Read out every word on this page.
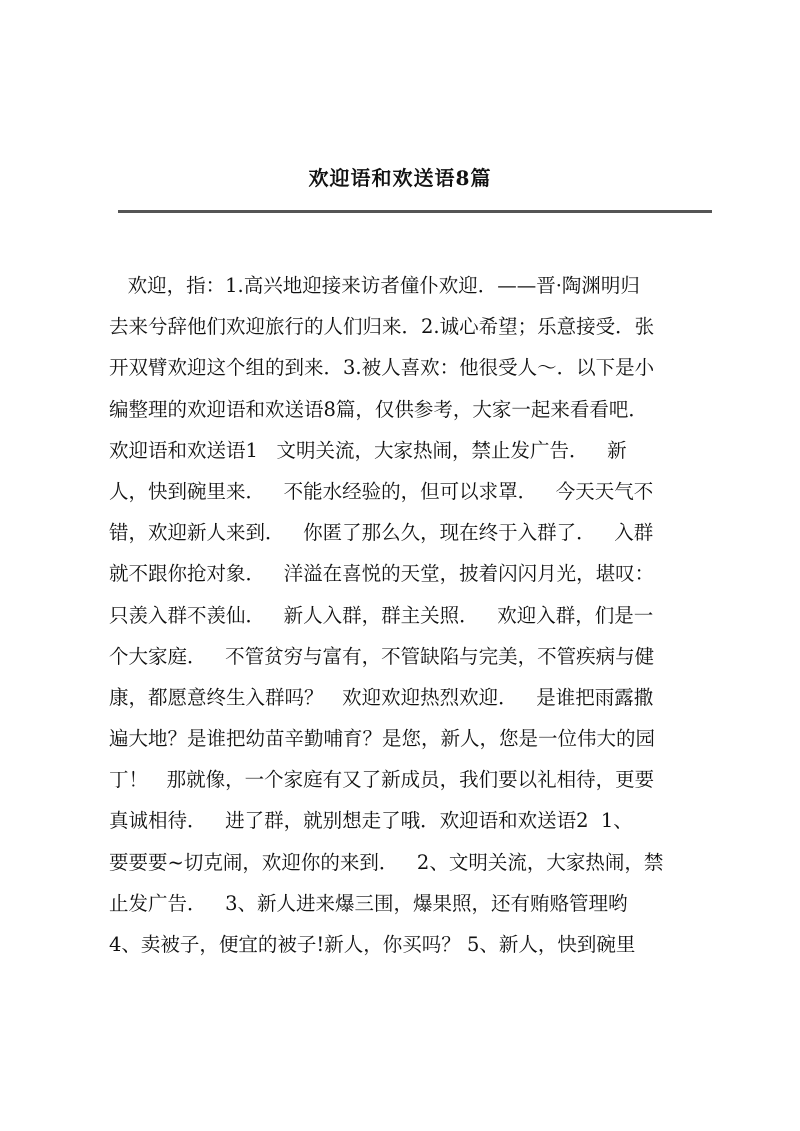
欢迎语和欢送语8篇
欢迎，指：1.高兴地迎接来访者僮仆欢迎．——晋·陶渊明归
去来兮辞他们欢迎旅行的人们归来．2.诚心希望；乐意接受．张
开双臂欢迎这个组的到来．3.被人喜欢：他很受人～．以下是小
编整理的欢迎语和欢送语8篇，仅供参考，大家一起来看看吧．
欢迎语和欢送语1   文明关流，大家热闹，禁止发广告．   新
人，快到碗里来．   不能水经验的，但可以求罩．   今天天气不
错，欢迎新人来到．   你匿了那么久，现在终于入群了．   入群
就不跟你抢对象．   洋溢在喜悦的天堂，披着闪闪月光，堪叹：
只羡入群不羡仙．   新人入群，群主关照．   欢迎入群，们是一
个大家庭．   不管贫穷与富有，不管缺陷与完美，不管疾病与健
康，都愿意终生入群吗？   欢迎欢迎热烈欢迎．   是谁把雨露撒
遍大地？是谁把幼苗辛勤哺育？是您，新人，您是一位伟大的园
丁！   那就像，一个家庭有又了新成员，我们要以礼相待，更要
真诚相待．   进了群，就别想走了哦．欢迎语和欢送语2  1、
要要要~切克闹，欢迎你的来到．   2、文明关流，大家热闹，禁
止发广告．   3、新人进来爆三围，爆果照，还有贿赂管理哟
4、卖被子，便宜的被子!新人，你买吗？ 5、新人，快到碗里
